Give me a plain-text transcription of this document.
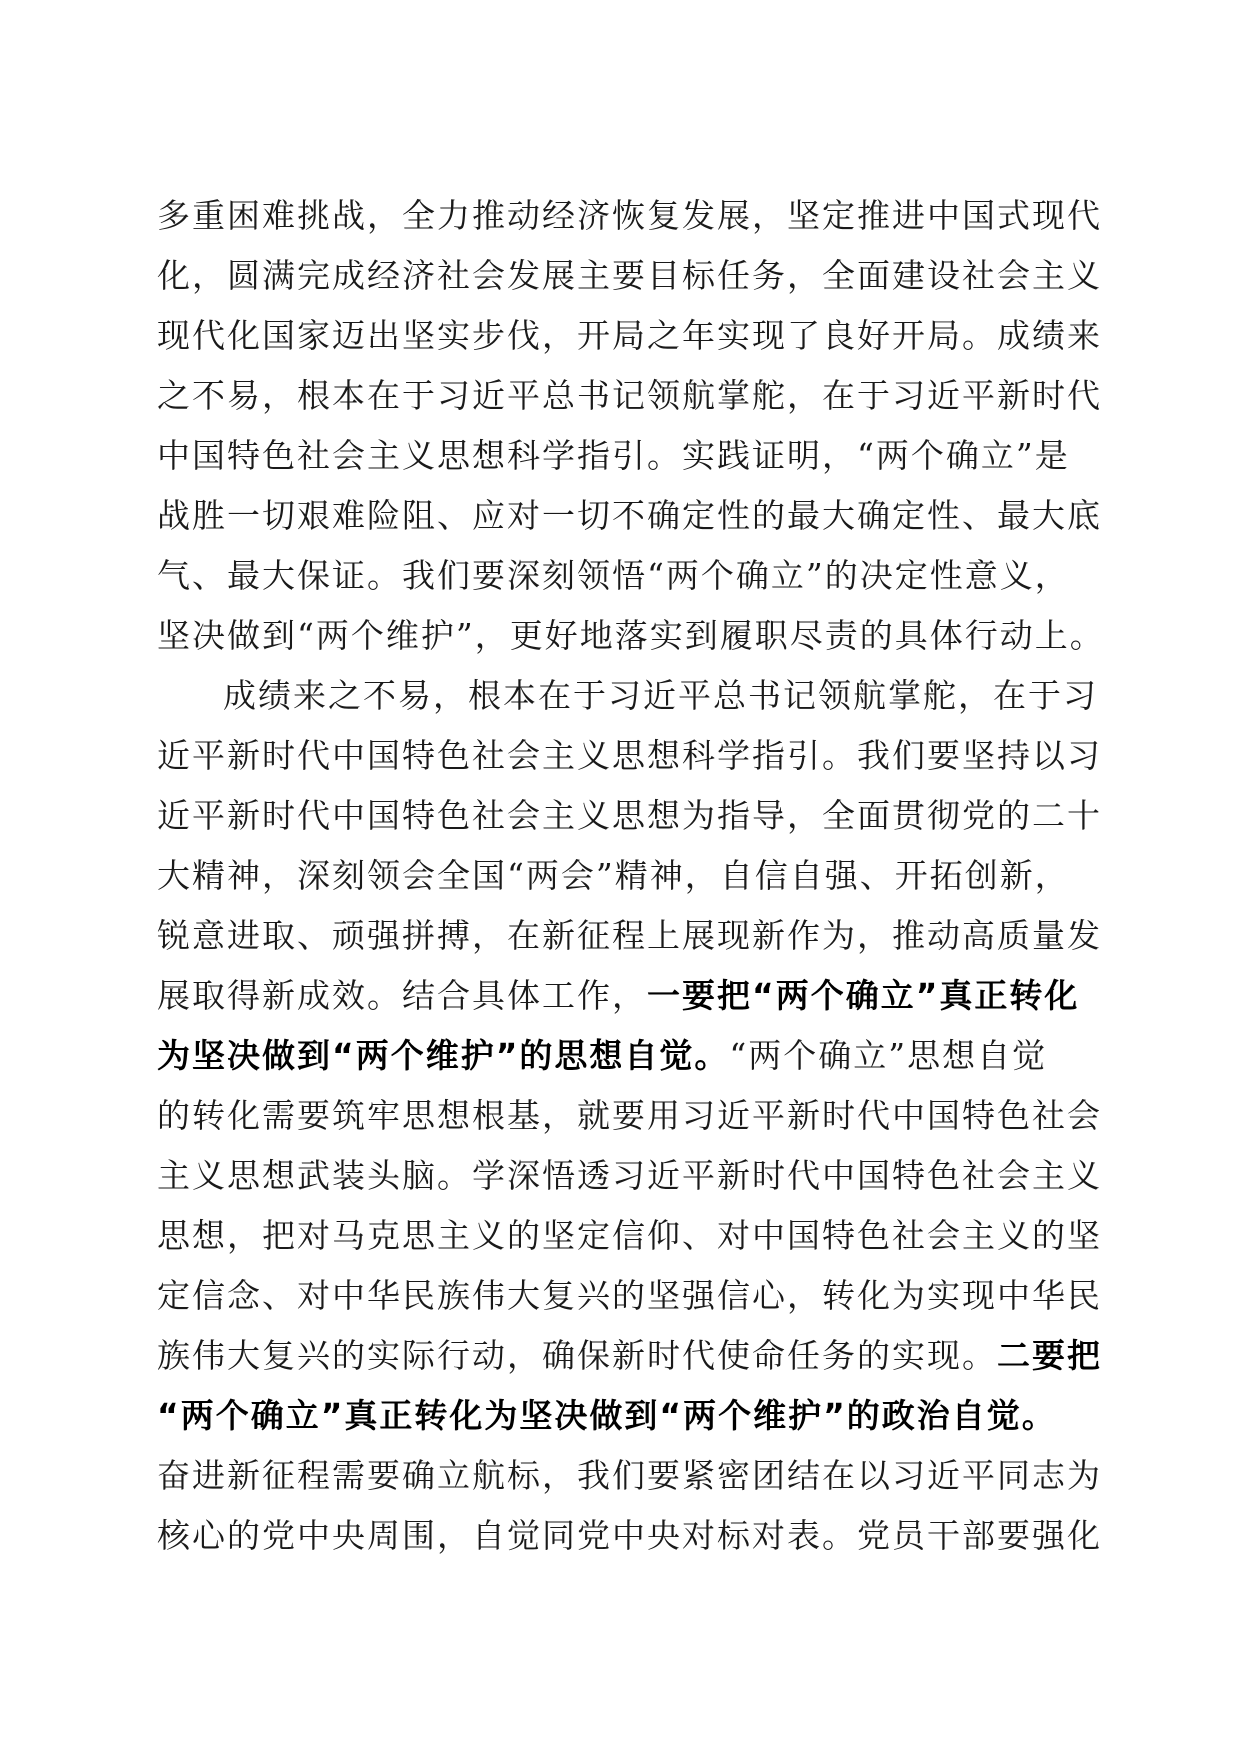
多重困难挑战，全力推动经济恢复发展，坚定推进中国式现代
化，圆满完成经济社会发展主要目标任务，全面建设社会主义
现代化国家迈出坚实步伐，开局之年实现了良好开局。成绩来
之不易，根本在于习近平总书记领航掌舵，在于习近平新时代
中国特色社会主义思想科学指引。实践证明，“两个确立”是
战胜一切艰难险阻、应对一切不确定性的最大确定性、最大底
气、最大保证。我们要深刻领悟“两个确立”的决定性意义，
坚决做到“两个维护”，更好地落实到履职尽责的具体行动上。
成绩来之不易，根本在于习近平总书记领航掌舵，在于习
近平新时代中国特色社会主义思想科学指引。我们要坚持以习
近平新时代中国特色社会主义思想为指导，全面贯彻党的二十
大精神，深刻领会全国“两会”精神，自信自强、开拓创新，
锐意进取、顽强拼搏，在新征程上展现新作为，推动高质量发
展取得新成效。结合具体工作，一要把“两个确立”真正转化
为坚决做到“两个维护”的思想自觉。“两个确立”思想自觉
的转化需要筑牢思想根基，就要用习近平新时代中国特色社会
主义思想武装头脑。学深悟透习近平新时代中国特色社会主义
思想，把对马克思主义的坚定信仰、对中国特色社会主义的坚
定信念、对中华民族伟大复兴的坚强信心，转化为实现中华民
族伟大复兴的实际行动，确保新时代使命任务的实现。二要把
“两个确立”真正转化为坚决做到“两个维护”的政治自觉。
奋进新征程需要确立航标，我们要紧密团结在以习近平同志为
核心的党中央周围，自觉同党中央对标对表。党员干部要强化
